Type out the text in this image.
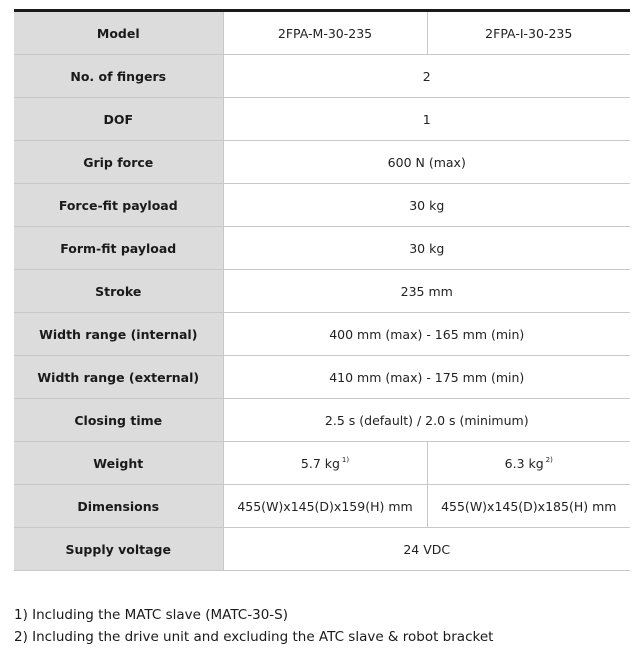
Model	2FPA-M-30-235	2FPA-I-30-235
No. of fingers	2	
DOF	1	
Grip force	600 N (max)	
Force-fit payload	30 kg	
Form-fit payload	30 kg	
Stroke	235 mm	
Width range (internal)	400 mm (max) - 165 mm (min)	
Width range (external)	410 mm (max) - 175 mm (min)	
Closing time	2.5 s (default) / 2.0 s (minimum)	
Weight	5.7 kg $^{1)}$	6.3 kg $^{2)}$
Dimensions	455(W)x145(D)x159(H) mm	455(W)x145(D)x185(H) mm
Supply voltage	24 VDC	
1) Including the MATC slave (MATC-30-S)
2) Including the drive unit and excluding the ATC slave & robot bracket
